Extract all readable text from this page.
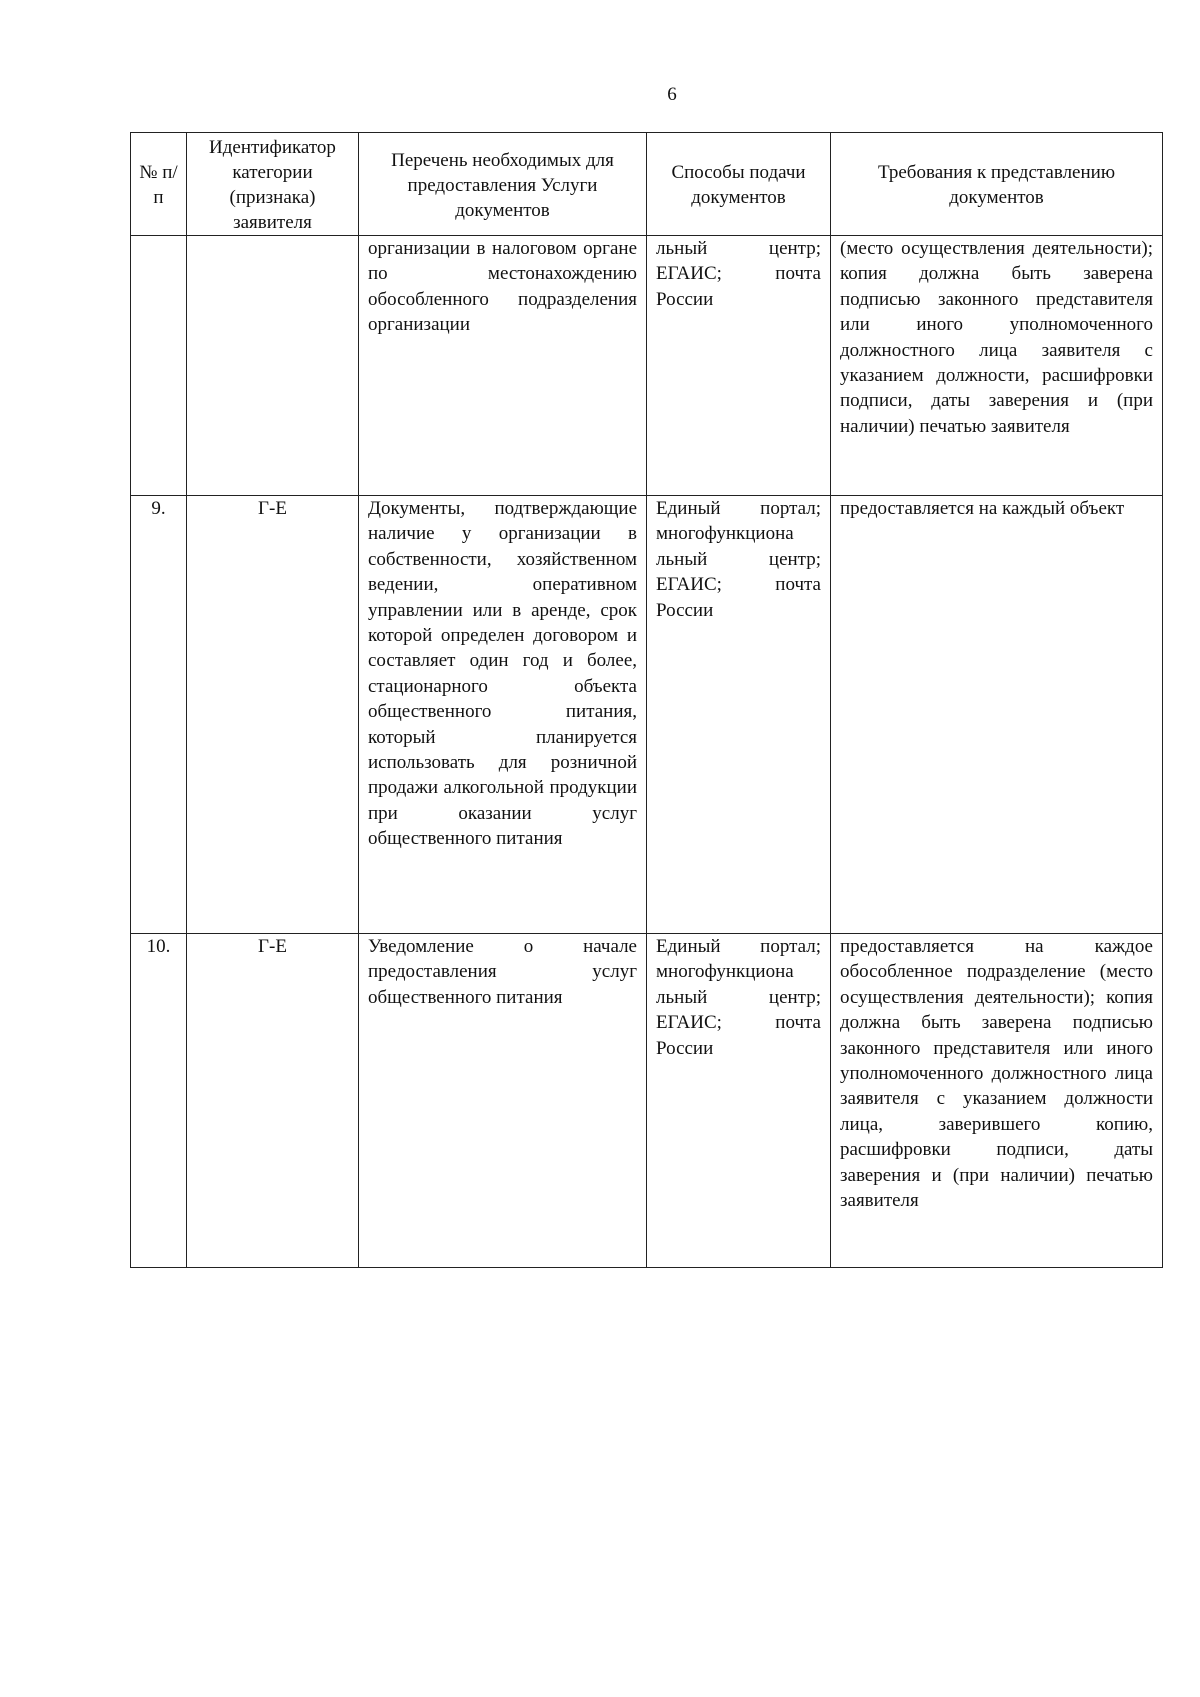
6
№ п/п	Идентификатор категории (признака) заявителя	Перечень необходимых для предоставления Услуги документов	Способы подачи документов	Требования к представлению документов
		организации в налоговом органе по местонахождению обособленного подразделения организации	льный центр; ЕГАИС; почта России	(место осуществления деятельности); копия должна быть заверена подписью законного представителя или иного уполномоченного должностного лица заявителя с указанием должности, расшифровки подписи, даты заверения и (при наличии) печатью заявителя
9.	Г-Е	Документы, подтверждающие наличие у организации в собственности, хозяйственном ведении, оперативном управлении или в аренде, срок которой определен договором и составляет один год и более, стационарного объекта общественного питания, который планируется использовать для розничной продажи алкогольной продукции при оказании услуг общественного питания	Единый портал; многофункциона льный центр; ЕГАИС; почта России	предоставляется на каждый объект
10.	Г-Е	Уведомление о начале предоставления услуг общественного питания	Единый портал; многофункциона льный центр; ЕГАИС; почта России	предоставляется на каждое обособленное подразделение (место осуществления деятельности); копия должна быть заверена подписью законного представителя или иного уполномоченного должностного лица заявителя с указанием должности лица, заверившего копию, расшифровки подписи, даты заверения и (при наличии) печатью заявителя
